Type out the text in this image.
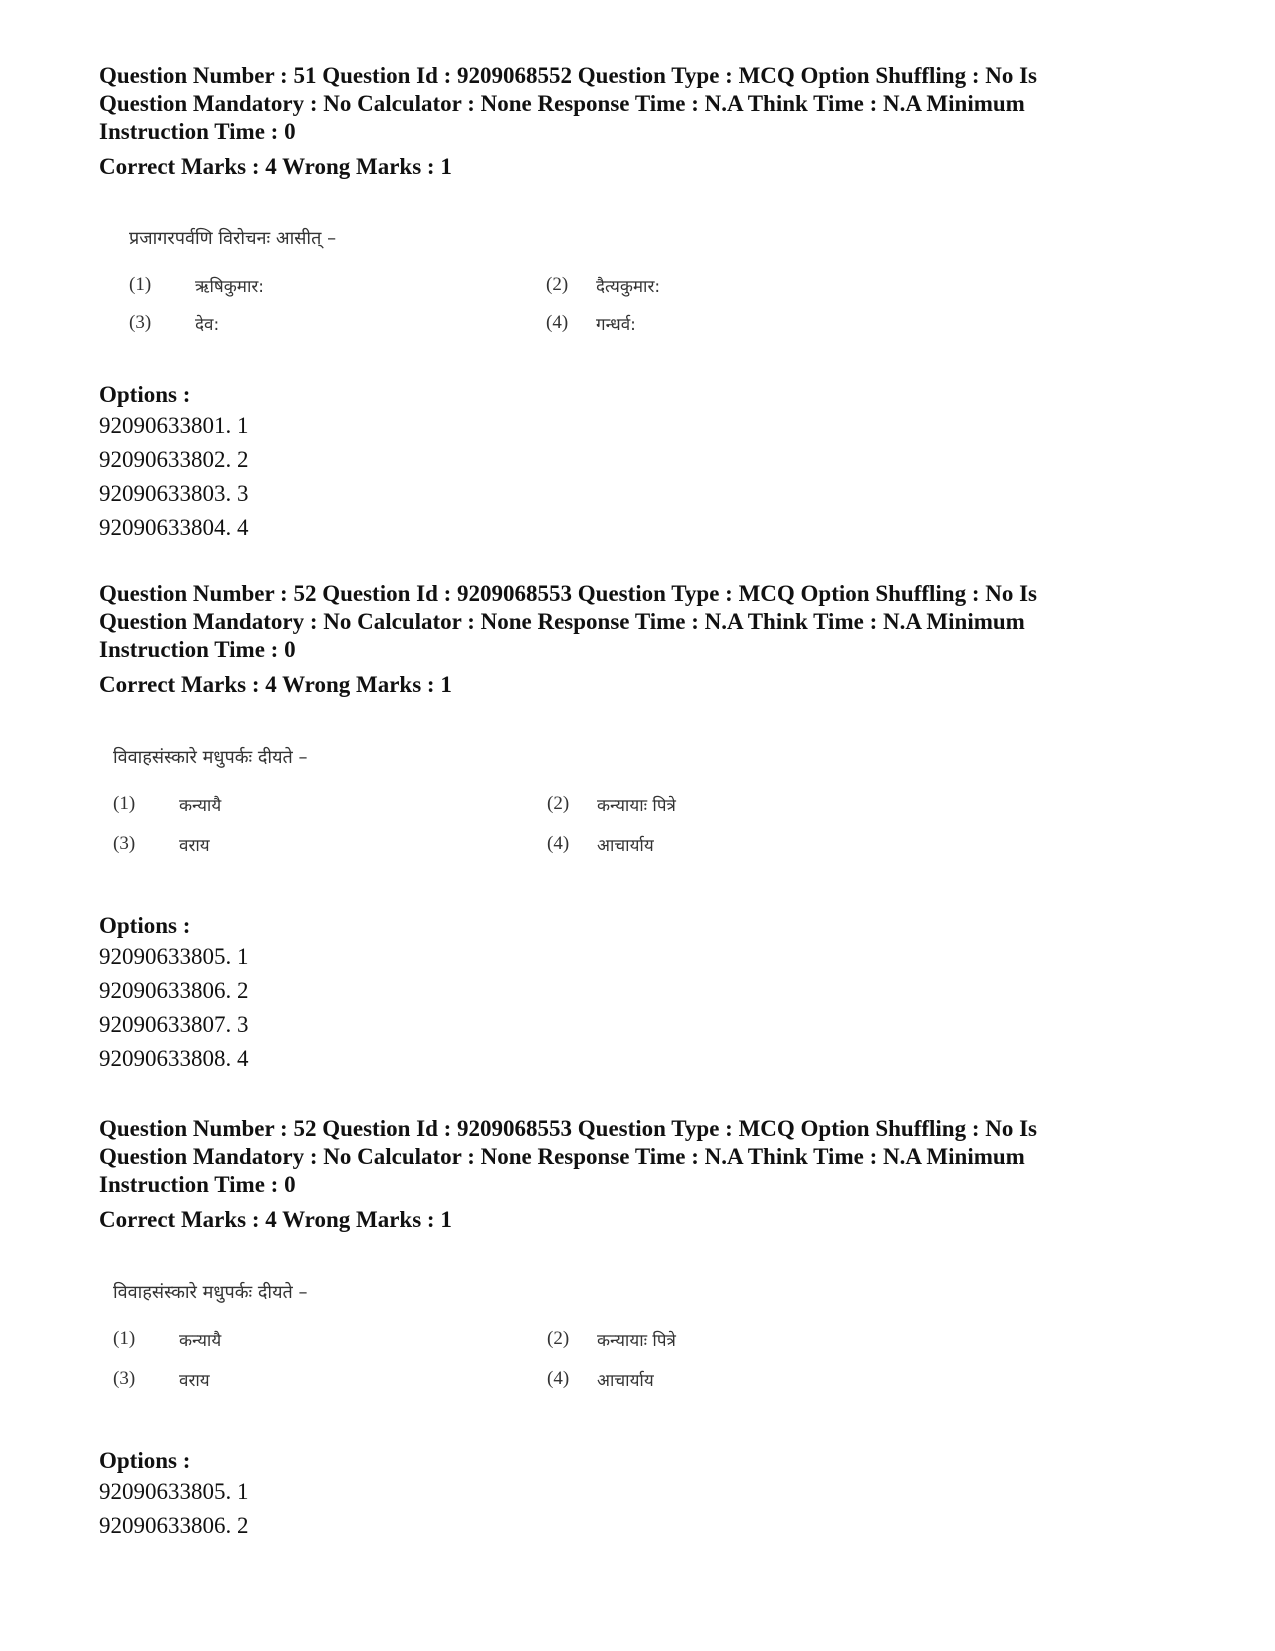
Question Number : 51 Question Id : 9209068552 Question Type : MCQ Option Shuffling : No Is

Question Mandatory : No Calculator : None Response Time : N.A Think Time : N.A Minimum

Instruction Time : 0

Correct Marks : 4 Wrong Marks : 1

प्रजागरपर्वणि विरोचनः आसीत् –
(1)	ऋषिकुमार:	(2)	दैत्यकुमार:
(3)	देव:	(4)	गन्धर्व:

Options :

92090633801. 1

92090633802. 2

92090633803. 3

92090633804. 4

Question Number : 52 Question Id : 9209068553 Question Type : MCQ Option Shuffling : No Is

Question Mandatory : No Calculator : None Response Time : N.A Think Time : N.A Minimum

Instruction Time : 0

Correct Marks : 4 Wrong Marks : 1

विवाहसंस्कारे मधुपर्कः दीयते –
(1)	कन्यायै	(2)	कन्यायाः पित्रे
(3)	वराय	(4)	आचार्याय

Options :

92090633805. 1

92090633806. 2

92090633807. 3

92090633808. 4

Question Number : 52 Question Id : 9209068553 Question Type : MCQ Option Shuffling : No Is

Question Mandatory : No Calculator : None Response Time : N.A Think Time : N.A Minimum

Instruction Time : 0

Correct Marks : 4 Wrong Marks : 1

विवाहसंस्कारे मधुपर्कः दीयते –
(1)	कन्यायै	(2)	कन्यायाः पित्रे
(3)	वराय	(4)	आचार्याय

Options :

92090633805. 1

92090633806. 2
